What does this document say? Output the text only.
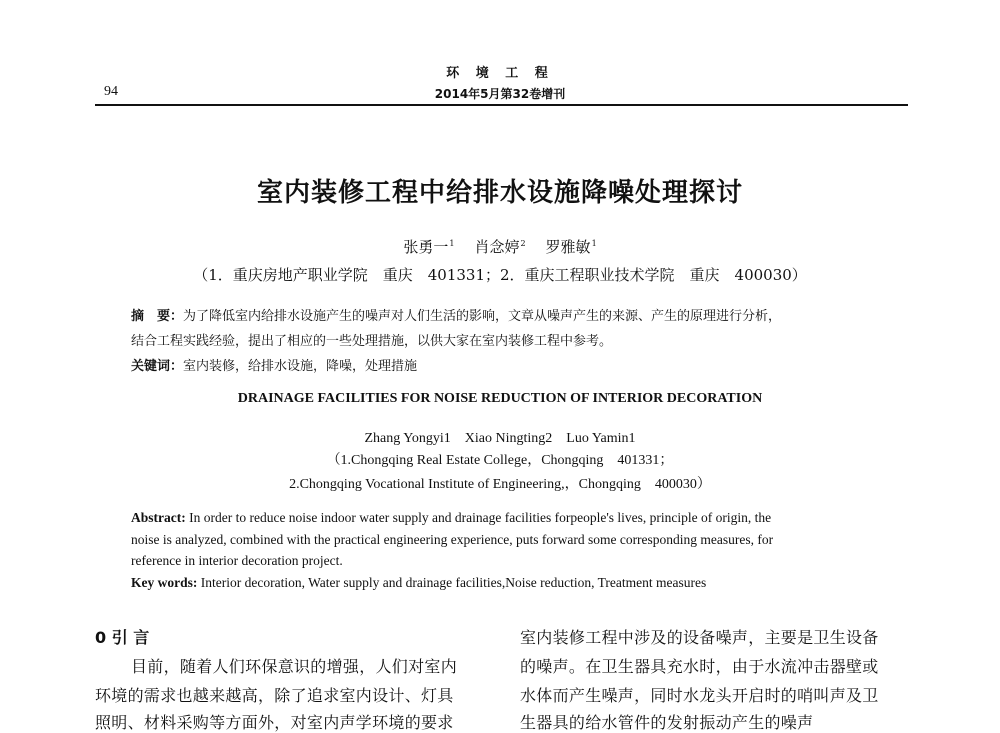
环 境 工 程

94	2014年5月第32卷增刊

室内装修工程中给排水设施降噪处理探讨

张勇一$^1$ 肖念婷$^2$ 罗雅敏$^1$

（1．重庆房地产职业学院　重庆　401331；2．重庆工程职业技术学院　重庆　400030）

摘　要：为了降低室内给排水设施产生的噪声对人们生活的影响，文章从噪声产生的来源、产生的原理进行分析，

结合工程实践经验，提出了相应的一些处理措施，以供大家在室内装修工程中参考。

关键词：室内装修，给排水设施，降噪，处理措施

DRAINAGE FACILITIES FOR NOISE REDUCTION OF INTERIOR DECORATION

Zhang Yongyi1　Xiao Ningting2　Luo Yamin1

（1.Chongqing Real Estate College，Chongqing　401331；

2.Chongqing Vocational Institute of Engineering,，Chongqing　400030）

Abstract: In order to reduce noise indoor water supply and drainage facilities forpeople's lives, principle of origin, the

noise is analyzed, combined with the practical engineering experience, puts forward some corresponding measures, for

reference in interior decoration project.

Key words: Interior decoration, Water supply and drainage facilities,Noise reduction, Treatment measures

0 引 言

目前，随着人们环保意识的增强，人们对室内

环境的需求也越来越高，除了追求室内设计、灯具

照明、材料采购等方面外，对室内声学环境的要求

室内装修工程中涉及的设备噪声，主要是卫生设备

的噪声。在卫生器具充水时，由于水流冲击器壁或

水体而产生噪声，同时水龙头开启时的哨叫声及卫

生器具的给水管件的发射振动产生的噪声
